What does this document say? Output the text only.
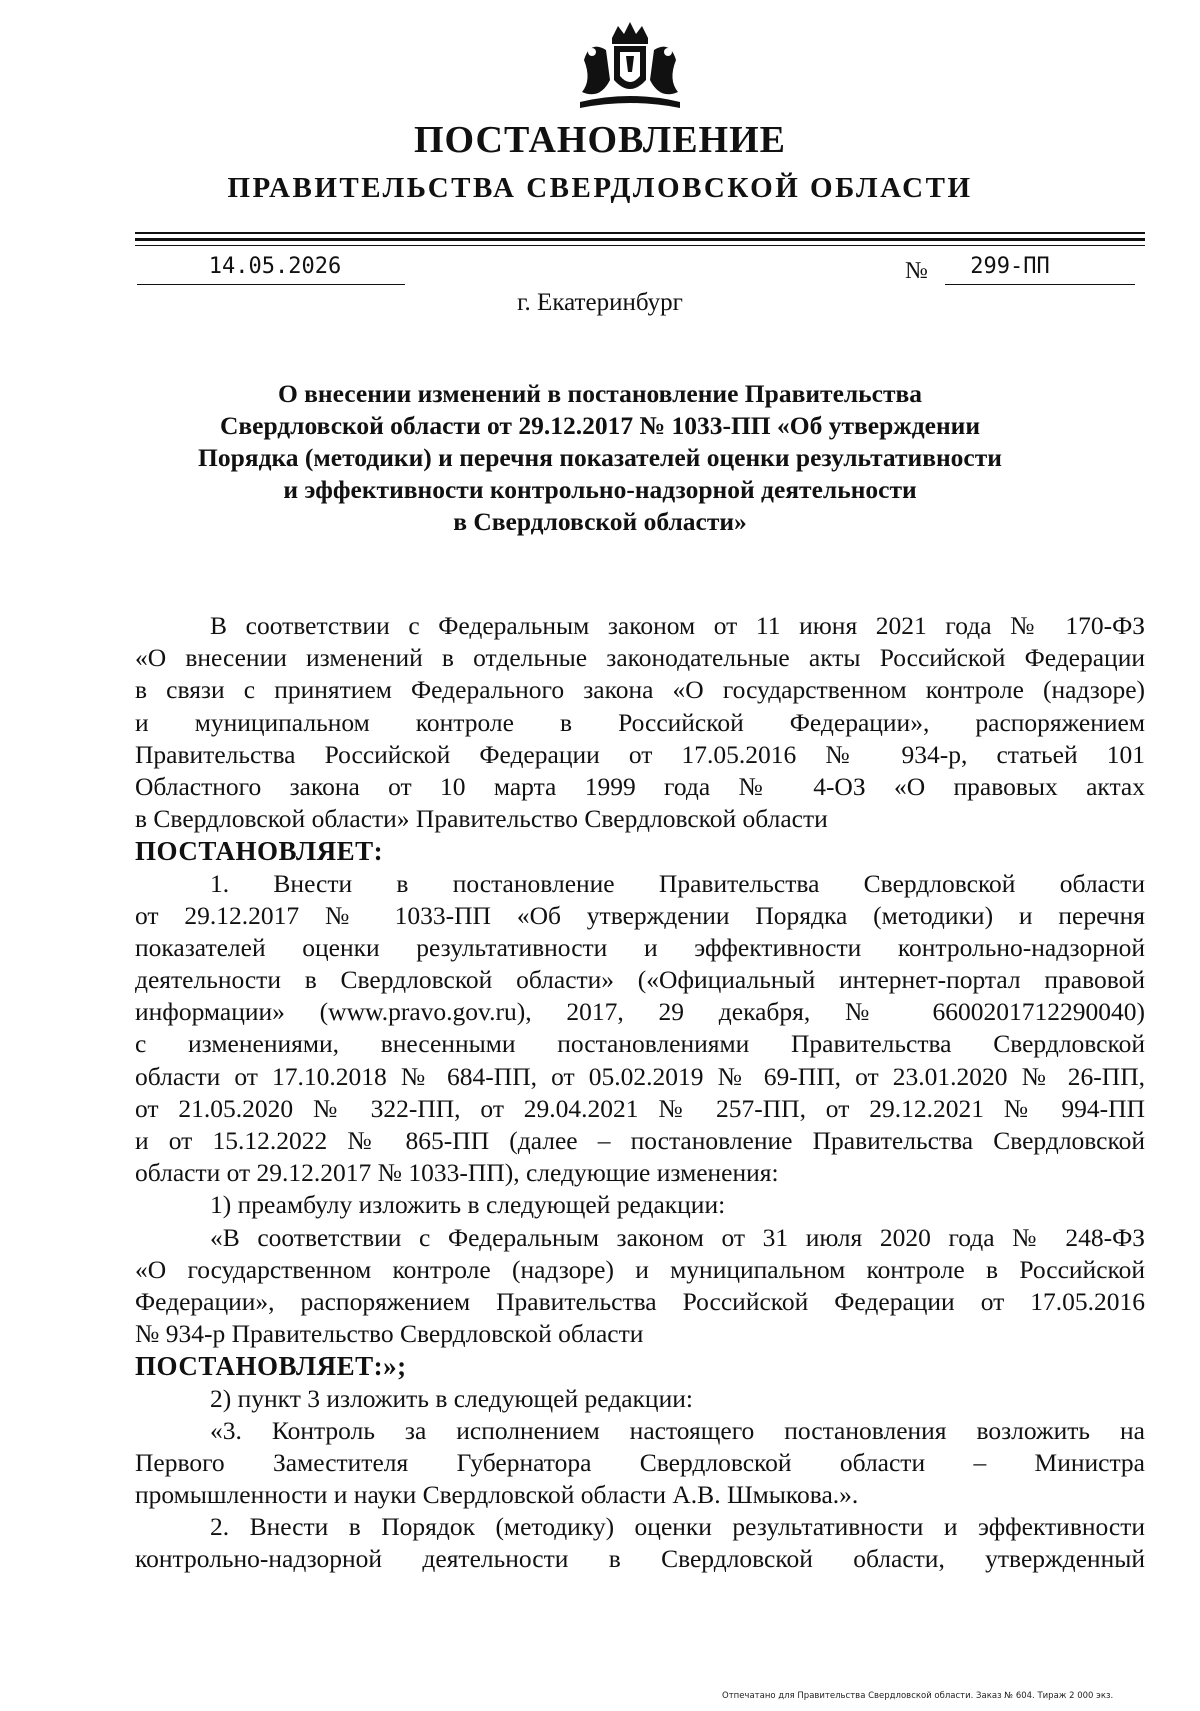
ПОСТАНОВЛЕНИЕ
ПРАВИТЕЛЬСТВА СВЕРДЛОВСКОЙ ОБЛАСТИ
14.05.2026	№	299-ПП
г. Екатеринбург
О внесении изменений в постановление Правительства
Свердловской области от 29.12.2017 № 1033-ПП «Об утверждении
Порядка (методики) и перечня показателей оценки результативности
и эффективности контрольно-надзорной деятельности
в Свердловской области»
В соответствии с Федеральным законом от 11 июня 2021 года № 170-ФЗ
«О внесении изменений в отдельные законодательные акты Российской Федерации
в связи с принятием Федерального закона «О государственном контроле (надзоре)
и муниципальном контроле в Российской Федерации», распоряжением
Правительства Российской Федерации от 17.05.2016 № 934-р, статьей 101
Областного закона от 10 марта 1999 года № 4-ОЗ «О правовых актах
в Свердловской области» Правительство Свердловской области
ПОСТАНОВЛЯЕТ:
1. Внести в постановление Правительства Свердловской области
от 29.12.2017 № 1033-ПП «Об утверждении Порядка (методики) и перечня
показателей оценки результативности и эффективности контрольно-надзорной
деятельности в Свердловской области» («Официальный интернет-портал правовой
информации» (www.pravo.gov.ru), 2017, 29 декабря, № 6600201712290040)
с изменениями, внесенными постановлениями Правительства Свердловской
области от 17.10.2018 № 684-ПП, от 05.02.2019 № 69-ПП, от 23.01.2020 № 26-ПП,
от 21.05.2020 № 322-ПП, от 29.04.2021 № 257-ПП, от 29.12.2021 № 994-ПП
и от 15.12.2022 № 865-ПП (далее – постановление Правительства Свердловской
области от 29.12.2017 № 1033-ПП), следующие изменения:
1) преамбулу изложить в следующей редакции:
«В соответствии с Федеральным законом от 31 июля 2020 года № 248-ФЗ
«О государственном контроле (надзоре) и муниципальном контроле в Российской
Федерации», распоряжением Правительства Российской Федерации от 17.05.2016
№ 934-р Правительство Свердловской области
ПОСТАНОВЛЯЕТ:»;
2) пункт 3 изложить в следующей редакции:
«3. Контроль за исполнением настоящего постановления возложить на
Первого Заместителя Губернатора Свердловской области – Министра
промышленности и науки Свердловской области А.В. Шмыкова.».
2. Внести в Порядок (методику) оценки результативности и эффективности
контрольно-надзорной деятельности в Свердловской области, утвержденный
Отпечатано для Правительства Свердловской области. Заказ № 604. Тираж 2 000 экз.
